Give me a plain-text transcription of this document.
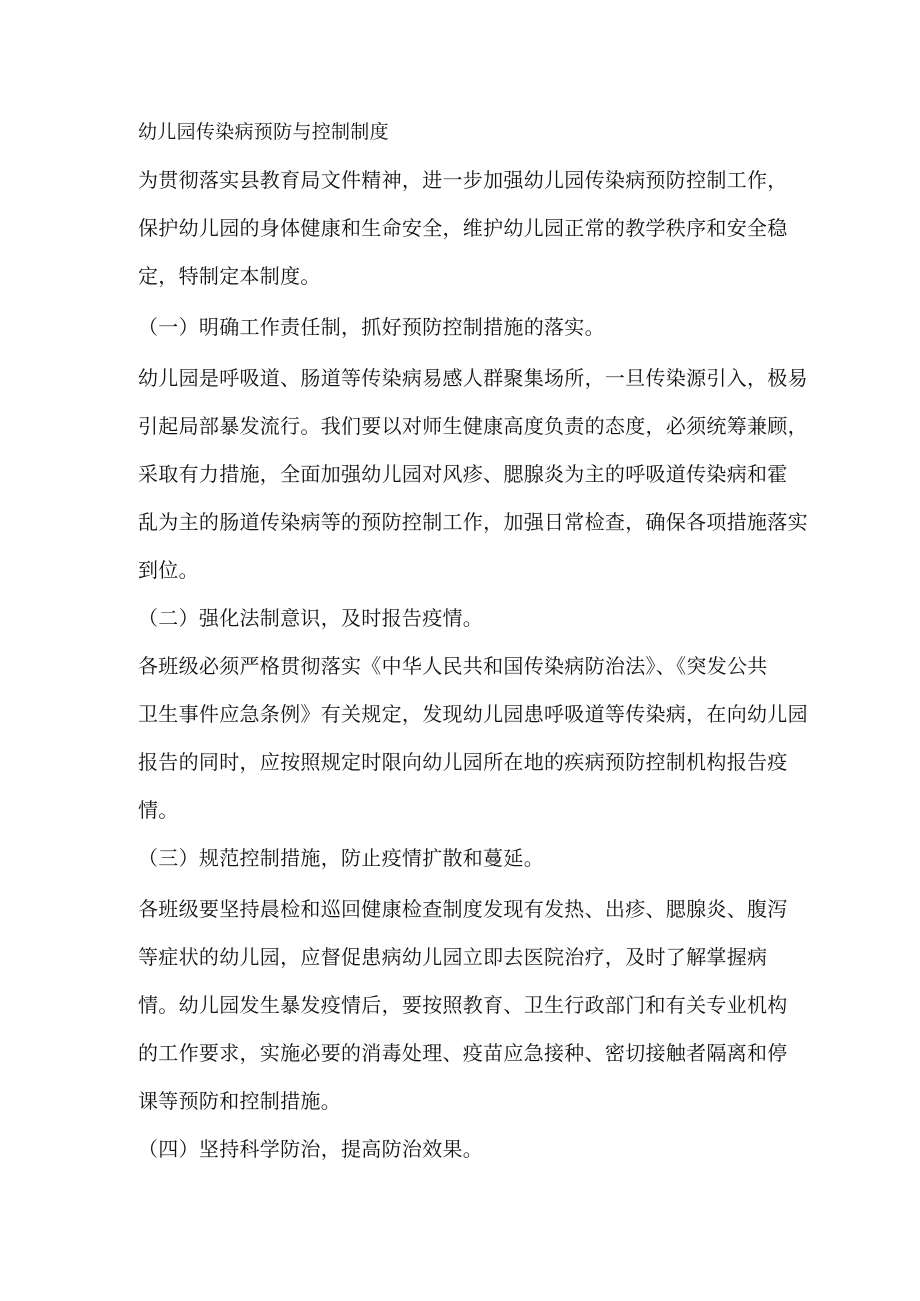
幼儿园传染病预防与控制制度
为贯彻落实县教育局文件精神，进一步加强幼儿园传染病预防控制工作，
保护幼儿园的身体健康和生命安全，维护幼儿园正常的教学秩序和安全稳
定，特制定本制度。
（一）明确工作责任制，抓好预防控制措施的落实。
幼儿园是呼吸道、肠道等传染病易感人群聚集场所，一旦传染源引入，极易
引起局部暴发流行。我们要以对师生健康高度负责的态度，必须统筹兼顾，
采取有力措施，全面加强幼儿园对风疹、腮腺炎为主的呼吸道传染病和霍
乱为主的肠道传染病等的预防控制工作，加强日常检查，确保各项措施落实
到位。
（二）强化法制意识，及时报告疫情。
各班级必须严格贯彻落实《中华人民共和国传染病防治法》、《突发公共
卫生事件应急条例》有关规定，发现幼儿园患呼吸道等传染病，在向幼儿园
报告的同时，应按照规定时限向幼儿园所在地的疾病预防控制机构报告疫
情。
（三）规范控制措施，防止疫情扩散和蔓延。
各班级要坚持晨检和巡回健康检查制度发现有发热、出疹、腮腺炎、腹泻
等症状的幼儿园，应督促患病幼儿园立即去医院治疗，及时了解掌握病
情。幼儿园发生暴发疫情后，要按照教育、卫生行政部门和有关专业机构
的工作要求，实施必要的消毒处理、疫苗应急接种、密切接触者隔离和停
课等预防和控制措施。
（四）坚持科学防治，提高防治效果。
